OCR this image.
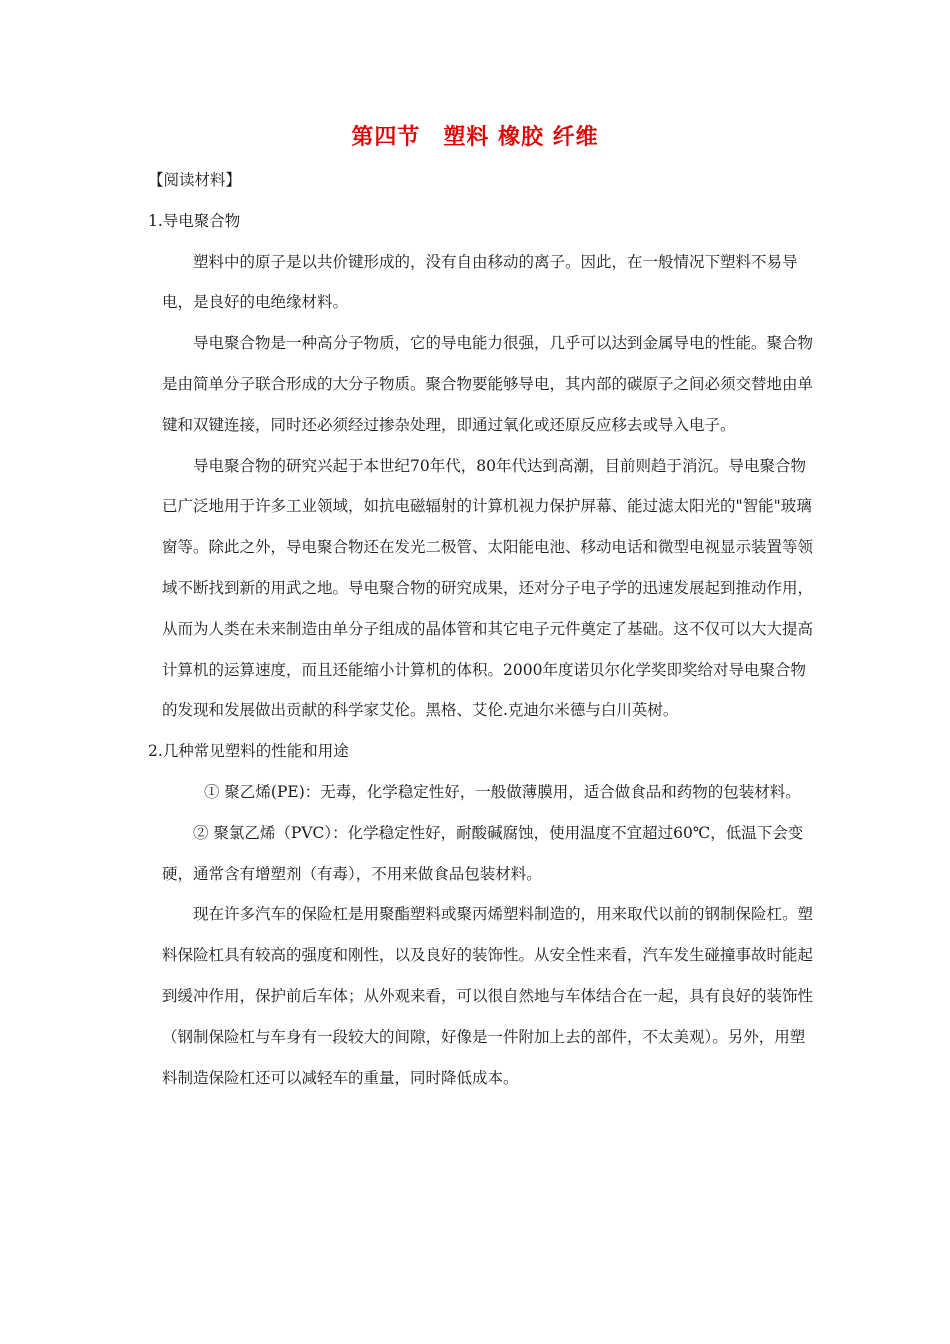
第四节　塑料 橡胶 纤维

【阅读材料】

1.导电聚合物

塑料中的原子是以共价键形成的，没有自由移动的离子。因此，在一般情况下塑料不易导电，是良好的电绝缘材料。

导电聚合物是一种高分子物质，它的导电能力很强，几乎可以达到金属导电的性能。聚合物是由简单分子联合形成的大分子物质。聚合物要能够导电，其内部的碳原子之间必须交替地由单键和双键连接，同时还必须经过掺杂处理，即通过氧化或还原反应移去或导入电子。

导电聚合物的研究兴起于本世纪70年代，80年代达到高潮，目前则趋于消沉。导电聚合物已广泛地用于许多工业领域，如抗电磁辐射的计算机视力保护屏幕、能过滤太阳光的"智能"玻璃窗等。除此之外，导电聚合物还在发光二极管、太阳能电池、移动电话和微型电视显示装置等领域不断找到新的用武之地。导电聚合物的研究成果，还对分子电子学的迅速发展起到推动作用，从而为人类在未来制造由单分子组成的晶体管和其它电子元件奠定了基础。这不仅可以大大提高计算机的运算速度，而且还能缩小计算机的体积。2000年度诺贝尔化学奖即奖给对导电聚合物的发现和发展做出贡献的科学家艾伦。黑格、艾伦.克迪尔米德与白川英树。

2.几种常见塑料的性能和用途

① 聚乙烯(PE)：无毒，化学稳定性好，一般做薄膜用，适合做食品和药物的包装材料。

② 聚氯乙烯（PVC）：化学稳定性好，耐酸碱腐蚀，使用温度不宜超过60℃，低温下会变硬，通常含有增塑剂（有毒），不用来做食品包装材料。

现在许多汽车的保险杠是用聚酯塑料或聚丙烯塑料制造的，用来取代以前的钢制保险杠。塑料保险杠具有较高的强度和刚性，以及良好的装饰性。从安全性来看，汽车发生碰撞事故时能起到缓冲作用，保护前后车体；从外观来看，可以很自然地与车体结合在一起，具有良好的装饰性（钢制保险杠与车身有一段较大的间隙，好像是一件附加上去的部件，不太美观）。另外，用塑料制造保险杠还可以减轻车的重量，同时降低成本。
